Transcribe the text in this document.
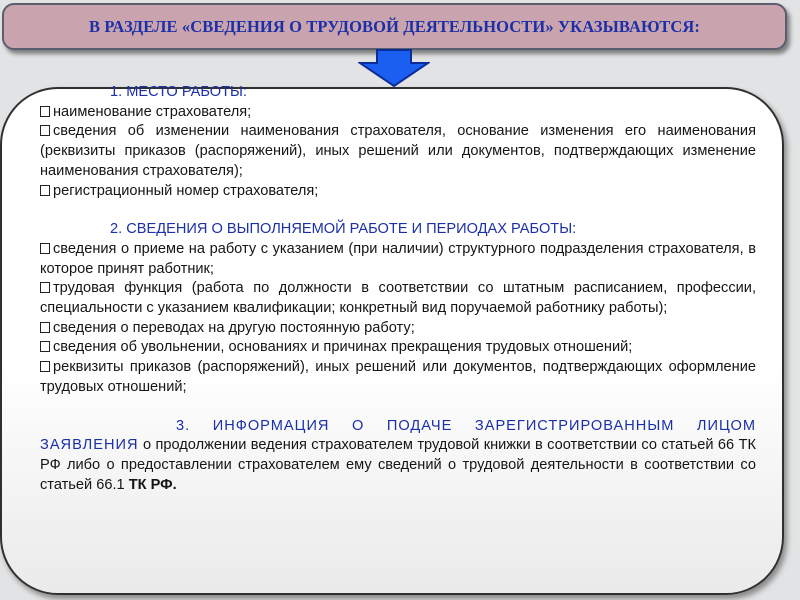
В РАЗДЕЛЕ «СВЕДЕНИЯ О ТРУДОВОЙ ДЕЯТЕЛЬНОСТИ» УКАЗЫВАЮТСЯ:

1. МЕСТО РАБОТЫ:

наименование страхователя;

сведения об изменении наименования страхователя, основание изменения его наименования (реквизиты приказов (распоряжений), иных решений или документов, подтверждающих изменение наименования страхователя);

регистрационный номер страхователя;

2. СВЕДЕНИЯ О ВЫПОЛНЯЕМОЙ РАБОТЕ И ПЕРИОДАХ РАБОТЫ:

сведения о приеме на работу с указанием (при наличии) структурного подразделения страхователя, в которое принят работник;

трудовая функция (работа по должности в соответствии со штатным расписанием, профессии, специальности с указанием квалификации; конкретный вид поручаемой работнику работы);

сведения о переводах на другую постоянную работу;

сведения об увольнении, основаниях и причинах прекращения трудовых отношений;

реквизиты приказов (распоряжений), иных решений или документов, подтверждающих оформление трудовых отношений;

3. ИНФОРМАЦИЯ О ПОДАЧЕ ЗАРЕГИСТРИРОВАННЫМ ЛИЦОМ ЗАЯВЛЕНИЯ о продолжении ведения страхователем трудовой книжки в соответствии со статьей 66 ТК РФ либо о предоставлении страхователем ему сведений о трудовой деятельности в соответствии со статьей 66.1 ТК РФ.
